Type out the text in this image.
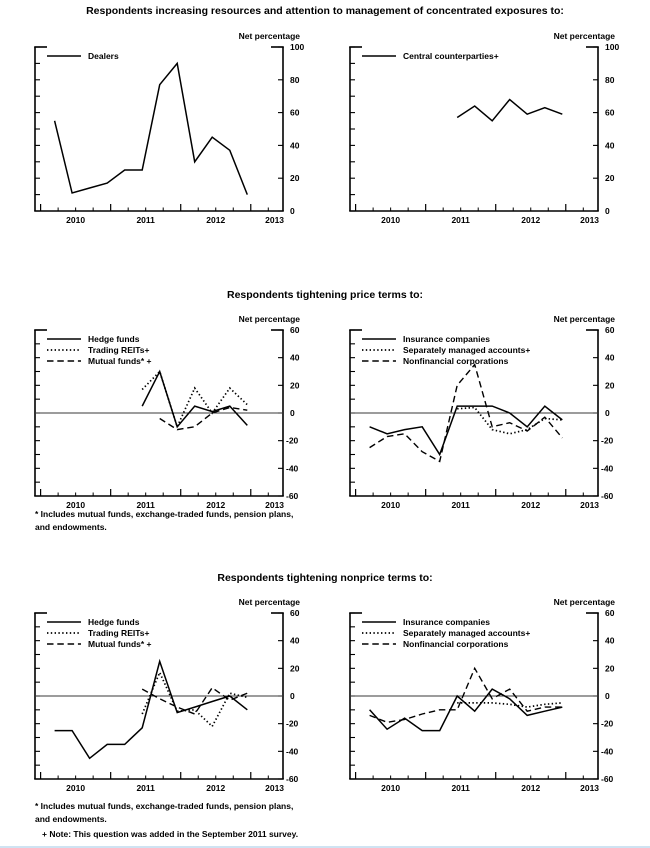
Respondents increasing resources and attention to management of concentrated exposures to:
0
20
40
60
80
100
2010	2011	2012	2013
Dealers
Net percentage
0
20
40
60
80
100
2010	2011	2012	2013
Central counterparties+
Net percentage
Respondents tightening price terms to:
-60
-40
-20
0
20
40
60
2010	2011	2012	2013
Hedge funds
Trading REITs+
Mutual funds* +
Net percentage
-60
-40
-20
0
20
40
60
2010	2011	2012	2013
Insurance companies
Separately managed accounts+
Nonfinancial corporations
Net percentage
* Includes mutual funds, exchange-traded funds, pension plans,
and endowments.
Respondents tightening nonprice terms to:
-60
-40
-20
0
20
40
60
2010	2011	2012	2013
Hedge funds
Trading REITs+
Mutual funds* +
Net percentage
-60
-40
-20
0
20
40
60
2010	2011	2012	2013
Insurance companies
Separately managed accounts+
Nonfinancial corporations
Net percentage
* Includes mutual funds, exchange-traded funds, pension plans,
and endowments.
+ Note: This question was added in the September 2011 survey.
